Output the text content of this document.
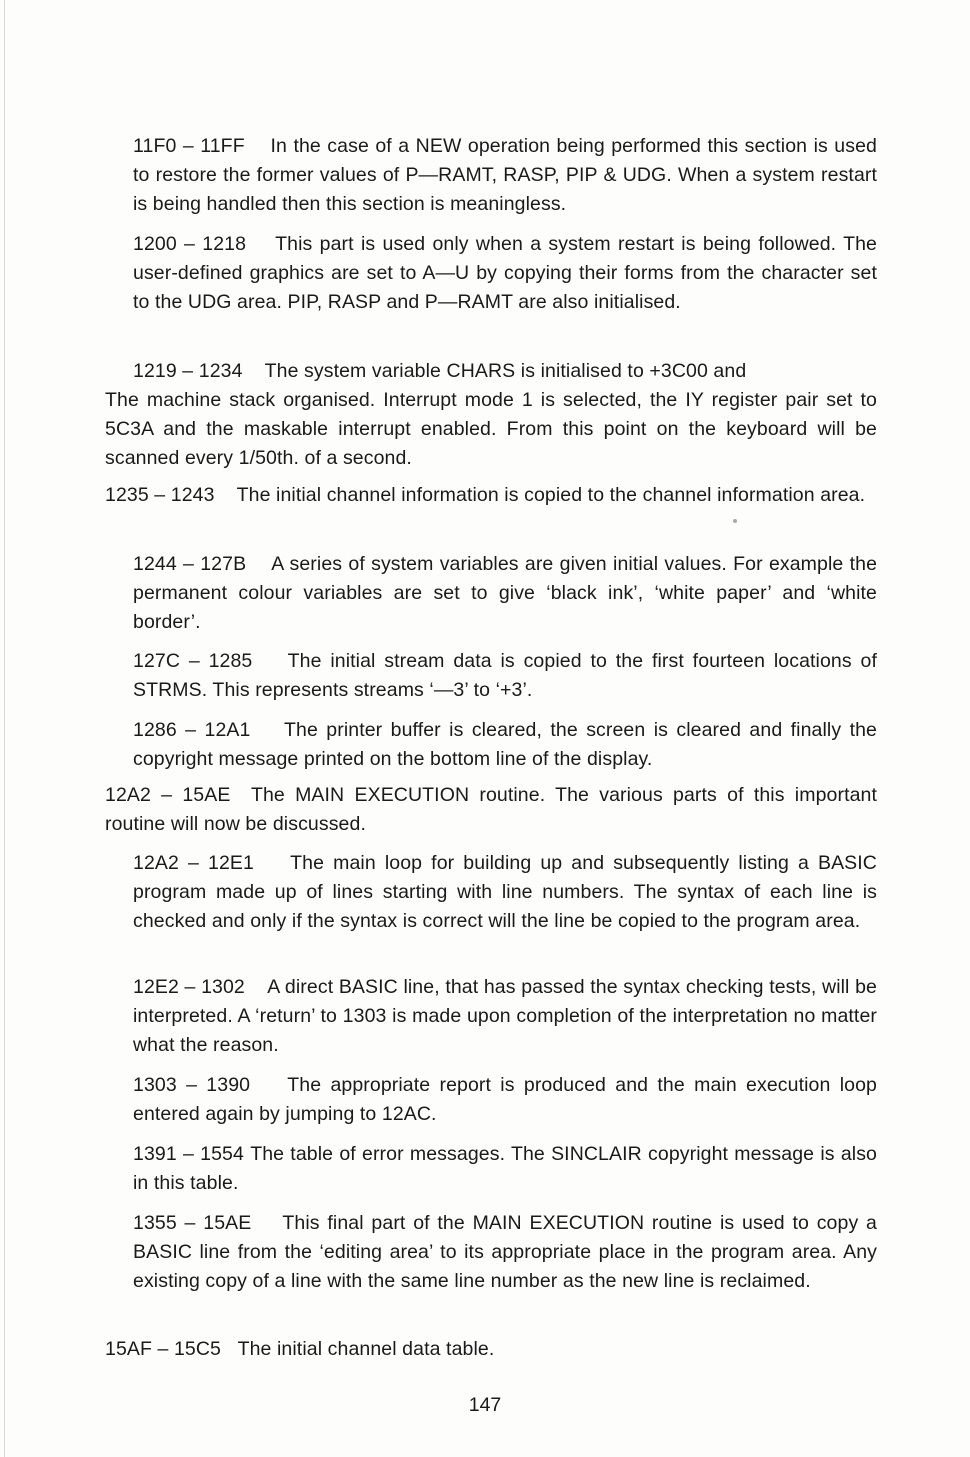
11F0 – 11FF In the case of a NEW operation being performed this section is used to restore the former values of P—RAMT, RASP, PIP & UDG. When a system restart is being handled then this section is meaningless.
1200 – 1218 This part is used only when a system restart is being followed. The user-defined graphics are set to A—U by copying their forms from the character set to the UDG area. PIP, RASP and P—RAMT are also initialised.
1219 – 1234 The system variable CHARS is initialised to +3C00 and
The machine stack organised. Interrupt mode 1 is selected, the IY register pair set to 5C3A and the maskable interrupt enabled. From this point on the keyboard will be scanned every 1/50th. of a second.
1235 – 1243 The initial channel information is copied to the channel information area.
1244 – 127B A series of system variables are given initial values. For example the permanent colour variables are set to give ‘black ink’, ‘white paper’ and ‘white border’.
127C – 1285 The initial stream data is copied to the first fourteen locations of STRMS. This represents streams ‘—3’ to ‘+3’.
1286 – 12A1 The printer buffer is cleared, the screen is cleared and finally the copyright message printed on the bottom line of the display.
12A2 – 15AE The MAIN EXECUTION routine. The various parts of this important routine will now be discussed.
12A2 – 12E1 The main loop for building up and subsequently listing a BASIC program made up of lines starting with line numbers. The syntax of each line is checked and only if the syntax is correct will the line be copied to the program area.
12E2 – 1302 A direct BASIC line, that has passed the syntax checking tests, will be interpreted. A ‘return’ to 1303 is made upon completion of the interpretation no matter what the reason.
1303 – 1390 The appropriate report is produced and the main execution loop entered again by jumping to 12AC.
1391 – 1554 The table of error messages. The SINCLAIR copyright message is also in this table.
1355 – 15AE This final part of the MAIN EXECUTION routine is used to copy a BASIC line from the ‘editing area’ to its appropriate place in the program area. Any existing copy of a line with the same line number as the new line is reclaimed.
15AF – 15C5 The initial channel data table.
147
